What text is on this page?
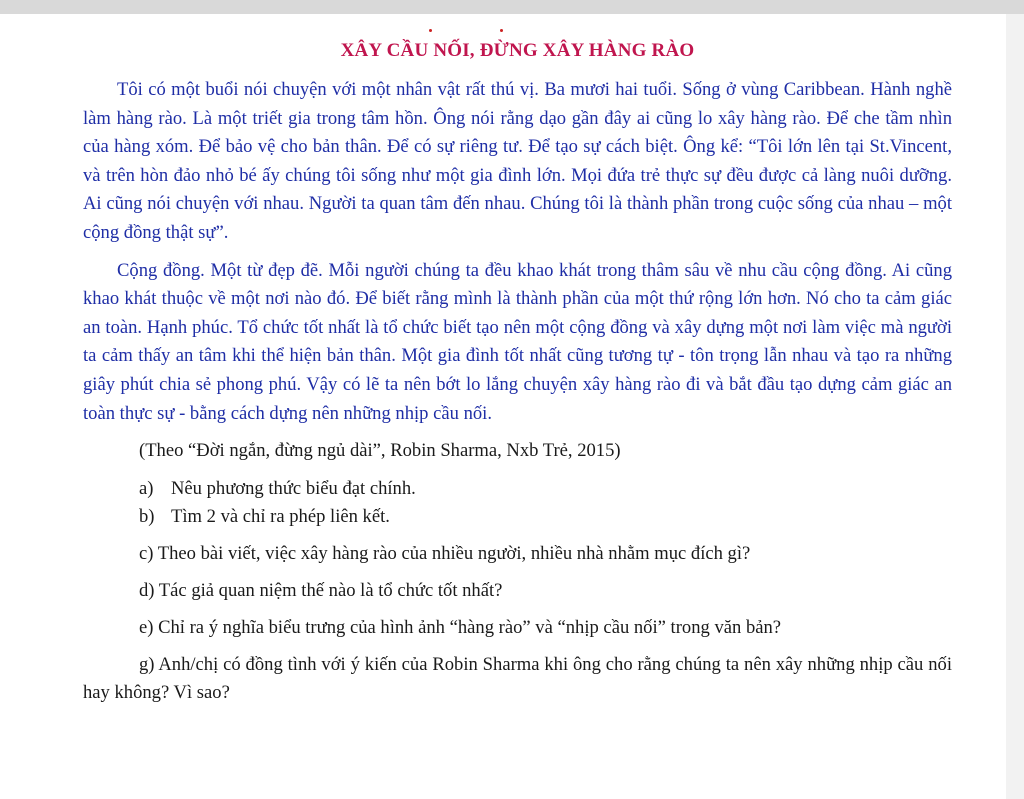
XÂY CẦU NỐI, ĐỪNG XÂY HÀNG RÀO

Tôi có một buổi nói chuyện với một nhân vật rất thú vị. Ba mươi hai tuổi. Sống ở vùng Caribbean. Hành nghề làm hàng rào. Là một triết gia trong tâm hồn. Ông nói rằng dạo gần đây ai cũng lo xây hàng rào. Để che tầm nhìn của hàng xóm. Để bảo vệ cho bản thân. Để có sự riêng tư. Để tạo sự cách biệt. Ông kể: “Tôi lớn lên tại St.Vincent, và trên hòn đảo nhỏ bé ấy chúng tôi sống như một gia đình lớn. Mọi đứa trẻ thực sự đều được cả làng nuôi dưỡng. Ai cũng nói chuyện với nhau. Người ta quan tâm đến nhau. Chúng tôi là thành phần trong cuộc sống của nhau – một cộng đồng thật sự”.

Cộng đồng. Một từ đẹp đẽ. Mỗi người chúng ta đều khao khát trong thâm sâu về nhu cầu cộng đồng. Ai cũng khao khát thuộc về một nơi nào đó. Để biết rằng mình là thành phần của một thứ rộng lớn hơn. Nó cho ta cảm giác an toàn. Hạnh phúc. Tổ chức tốt nhất là tổ chức biết tạo nên một cộng đồng và xây dựng một nơi làm việc mà người ta cảm thấy an tâm khi thể hiện bản thân. Một gia đình tốt nhất cũng tương tự - tôn trọng lẫn nhau và tạo ra những giây phút chia sẻ phong phú. Vậy có lẽ ta nên bớt lo lắng chuyện xây hàng rào đi và bắt đầu tạo dựng cảm giác an toàn thực sự - bằng cách dựng nên những nhịp cầu nối.

(Theo “Đời ngắn, đừng ngủ dài”, Robin Sharma, Nxb Trẻ, 2015)
a) Nêu phương thức biểu đạt chính.
b) Tìm 2 và chỉ ra phép liên kết.

c) Theo bài viết, việc xây hàng rào của nhiều người, nhiều nhà nhằm mục đích gì?

d) Tác giả quan niệm thế nào là tổ chức tốt nhất?

e) Chỉ ra ý nghĩa biểu trưng của hình ảnh “hàng rào” và “nhịp cầu nối” trong văn bản?

g) Anh/chị có đồng tình với ý kiến của Robin Sharma khi ông cho rằng chúng ta nên xây những nhịp cầu nối hay không? Vì sao?
